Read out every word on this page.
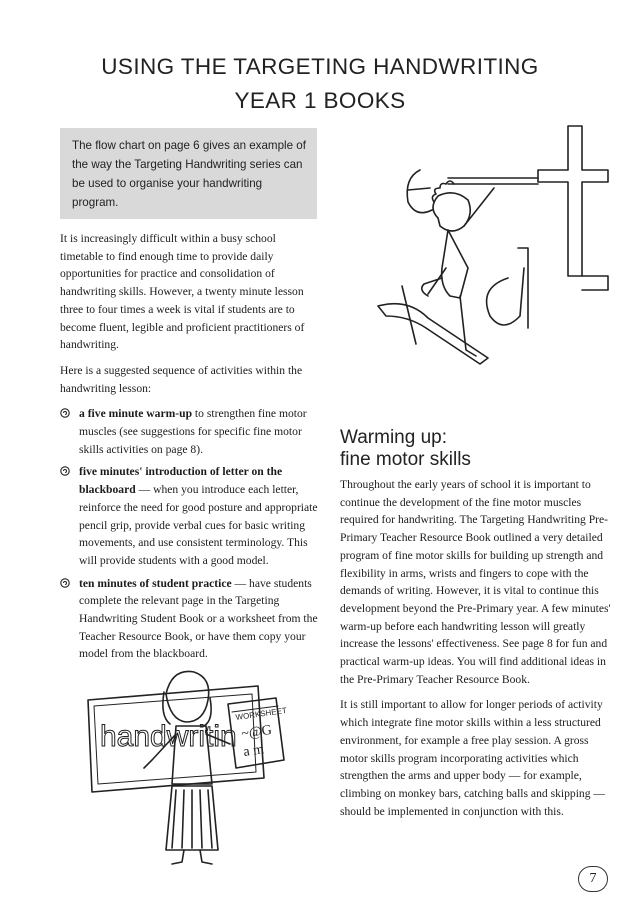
USING THE TARGETING HANDWRITING
YEAR 1 BOOKS
The flow chart on page 6 gives an example of the way the Targeting Handwriting series can be used to organise your handwriting program.

It is increasingly difficult within a busy school timetable to find enough time to provide daily opportunities for practice and consolidation of handwriting skills. However, a twenty minute lesson three to four times a week is vital if students are to become fluent, legible and proficient practitioners of handwriting.

Here is a suggested sequence of activities within the handwriting lesson:

a five minute warm-up to strengthen fine motor muscles (see suggestions for specific fine motor skills activities on page 8).
five minutes' introduction of letter on the blackboard — when you introduce each letter, reinforce the need for good posture and appropriate pencil grip, provide verbal cues for basic writing movements, and use consistent terminology. This will provide students with a good model.
ten minutes of student practice — have students complete the relevant page in the Targeting Handwriting Student Book or a worksheet from the Teacher Resource Book, or have them copy your model from the blackboard.
Warming up:
fine motor skills

Throughout the early years of school it is important to continue the development of the fine motor muscles required for handwriting. The Targeting Handwriting Pre-Primary Teacher Resource Book outlined a very detailed program of fine motor skills for building up strength and flexibility in arms, wrists and fingers to cope with the demands of writing. However, it is vital to continue this development beyond the Pre-Primary year. A few minutes' warm-up before each handwriting lesson will greatly increase the lessons' effectiveness. See page 8 for fun and practical warm-up ideas. You will find additional ideas in the Pre-Primary Teacher Resource Book.

It is still important to allow for longer periods of activity which integrate fine motor skills within a less structured environment, for example a free play session. A gross motor skills program incorporating activities which strengthen the arms and upper body — for example, climbing on monkey bars, catching balls and skipping — should be implemented in conjunction with this.

handwritin
WORKSHEET
~@G
a m
7
